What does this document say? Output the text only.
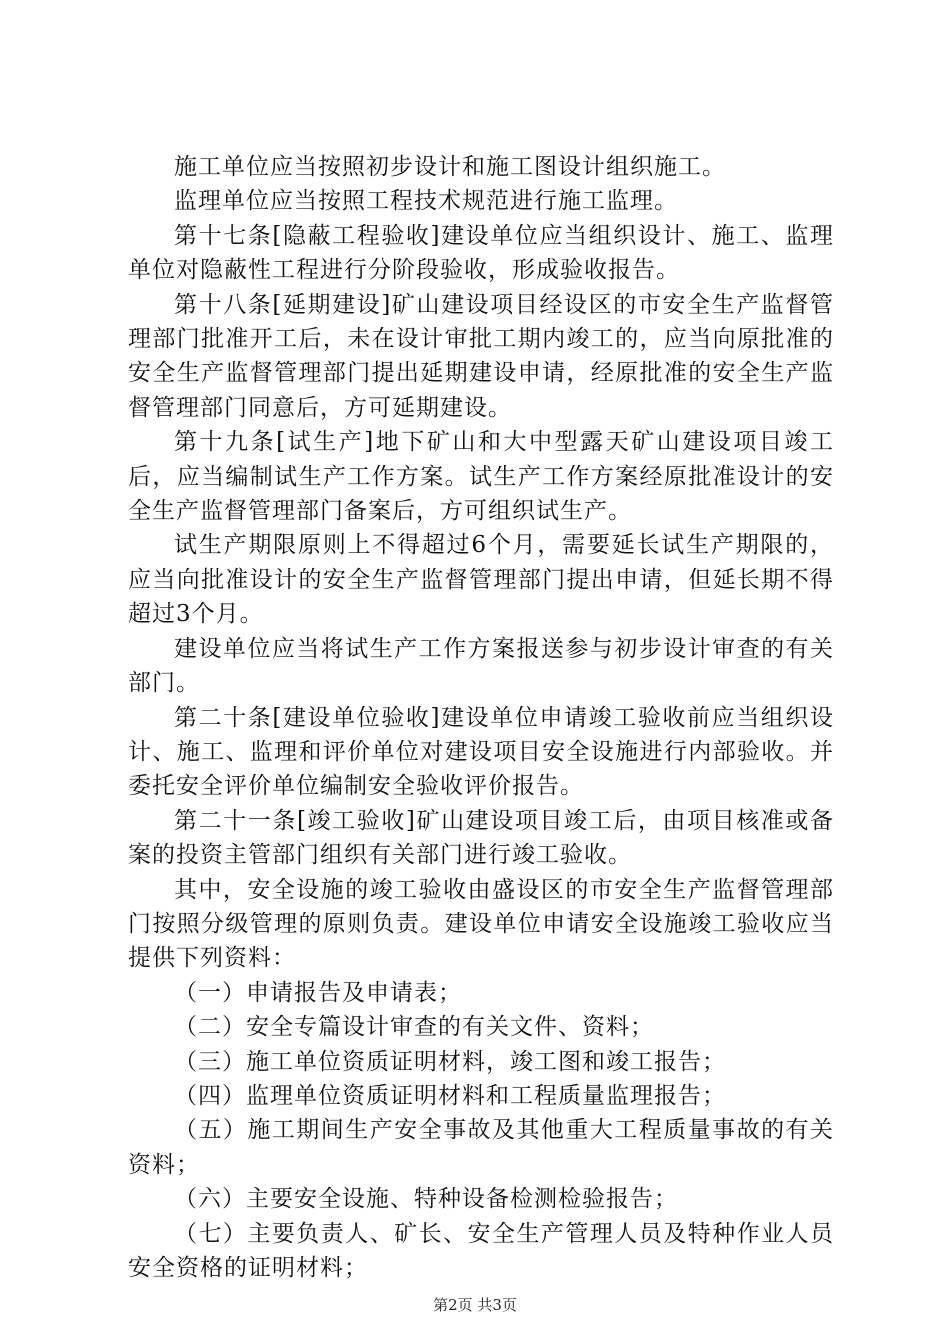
施工单位应当按照初步设计和施工图设计组织施工。

监理单位应当按照工程技术规范进行施工监理。

第十七条[隐蔽工程验收]建设单位应当组织设计、施工、监理单位对隐蔽性工程进行分阶段验收，形成验收报告。

第十八条[延期建设]矿山建设项目经设区的市安全生产监督管理部门批准开工后，未在设计审批工期内竣工的，应当向原批准的安全生产监督管理部门提出延期建设申请，经原批准的安全生产监督管理部门同意后，方可延期建设。

第十九条[试生产]地下矿山和大中型露天矿山建设项目竣工后，应当编制试生产工作方案。试生产工作方案经原批准设计的安全生产监督管理部门备案后，方可组织试生产。

试生产期限原则上不得超过6个月，需要延长试生产期限的，应当向批准设计的安全生产监督管理部门提出申请，但延长期不得超过3个月。

建设单位应当将试生产工作方案报送参与初步设计审查的有关部门。

第二十条[建设单位验收]建设单位申请竣工验收前应当组织设计、施工、监理和评价单位对建设项目安全设施进行内部验收。并委托安全评价单位编制安全验收评价报告。

第二十一条[竣工验收]矿山建设项目竣工后，由项目核准或备案的投资主管部门组织有关部门进行竣工验收。

其中，安全设施的竣工验收由盛设区的市安全生产监督管理部门按照分级管理的原则负责。建设单位申请安全设施竣工验收应当提供下列资料：

（一）申请报告及申请表；

（二）安全专篇设计审查的有关文件、资料；

（三）施工单位资质证明材料，竣工图和竣工报告；

（四）监理单位资质证明材料和工程质量监理报告；

（五）施工期间生产安全事故及其他重大工程质量事故的有关资料；

（六）主要安全设施、特种设备检测检验报告；

（七）主要负责人、矿长、安全生产管理人员及特种作业人员安全资格的证明材料；

第2页 共3页
